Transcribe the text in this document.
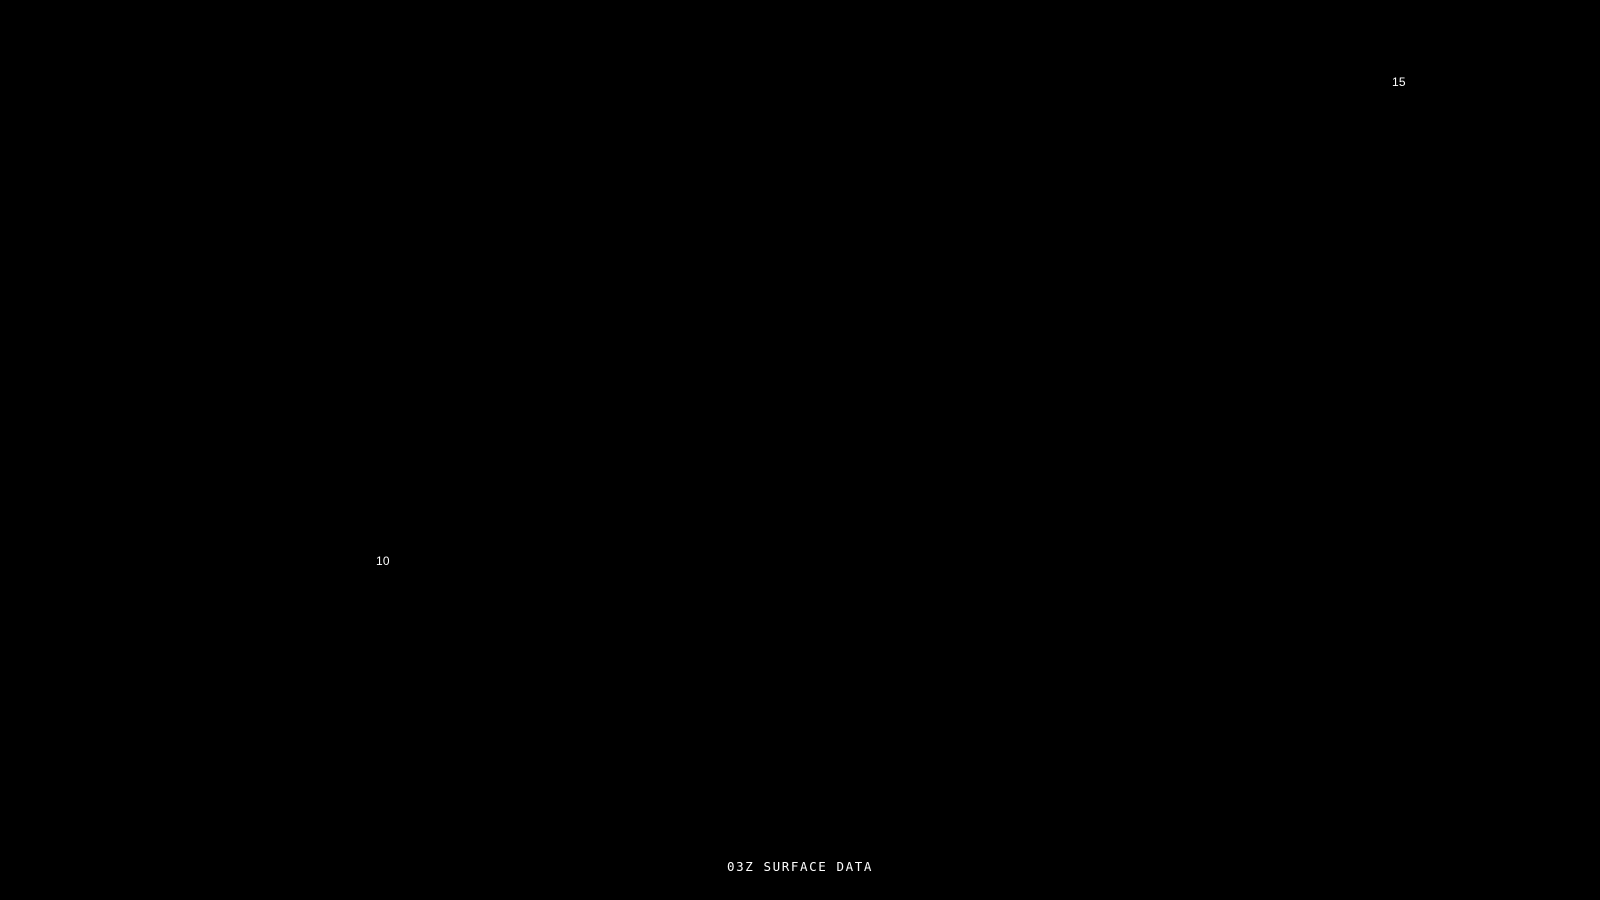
15
10
03Z SURFACE DATA
